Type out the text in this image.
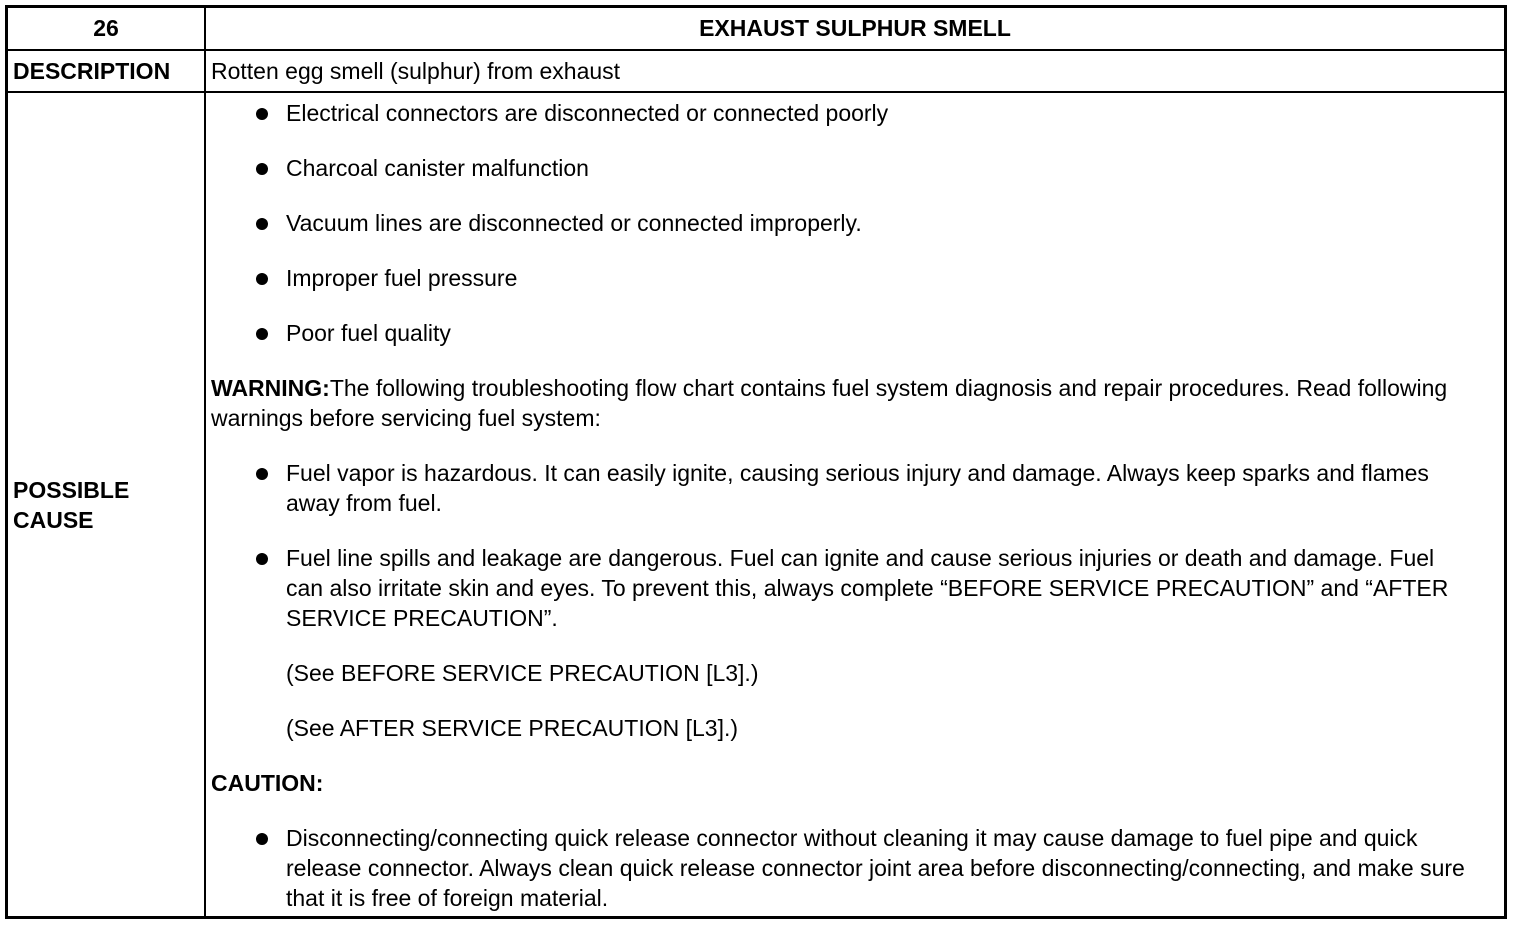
26	EXHAUST SULPHUR SMELL
DESCRIPTION	Rotten egg smell (sulphur) from exhaust
POSSIBLE
CAUSE
Electrical connectors are disconnected or connected poorly
Charcoal canister malfunction
Vacuum lines are disconnected or connected improperly.
Improper fuel pressure
Poor fuel quality
WARNING:The following troubleshooting flow chart contains fuel system diagnosis and repair procedures. Read following warnings before servicing fuel system:
Fuel vapor is hazardous. It can easily ignite, causing serious injury and damage. Always keep sparks and flames away from fuel.
Fuel line spills and leakage are dangerous. Fuel can ignite and cause serious injuries or death and damage. Fuel can also irritate skin and eyes. To prevent this, always complete “BEFORE SERVICE PRECAUTION” and “AFTER SERVICE PRECAUTION”.
(See BEFORE SERVICE PRECAUTION [L3].)
(See AFTER SERVICE PRECAUTION [L3].)
CAUTION:
Disconnecting/connecting quick release connector without cleaning it may cause damage to fuel pipe and quick release connector. Always clean quick release connector joint area before disconnecting/connecting, and make sure that it is free of foreign material.
